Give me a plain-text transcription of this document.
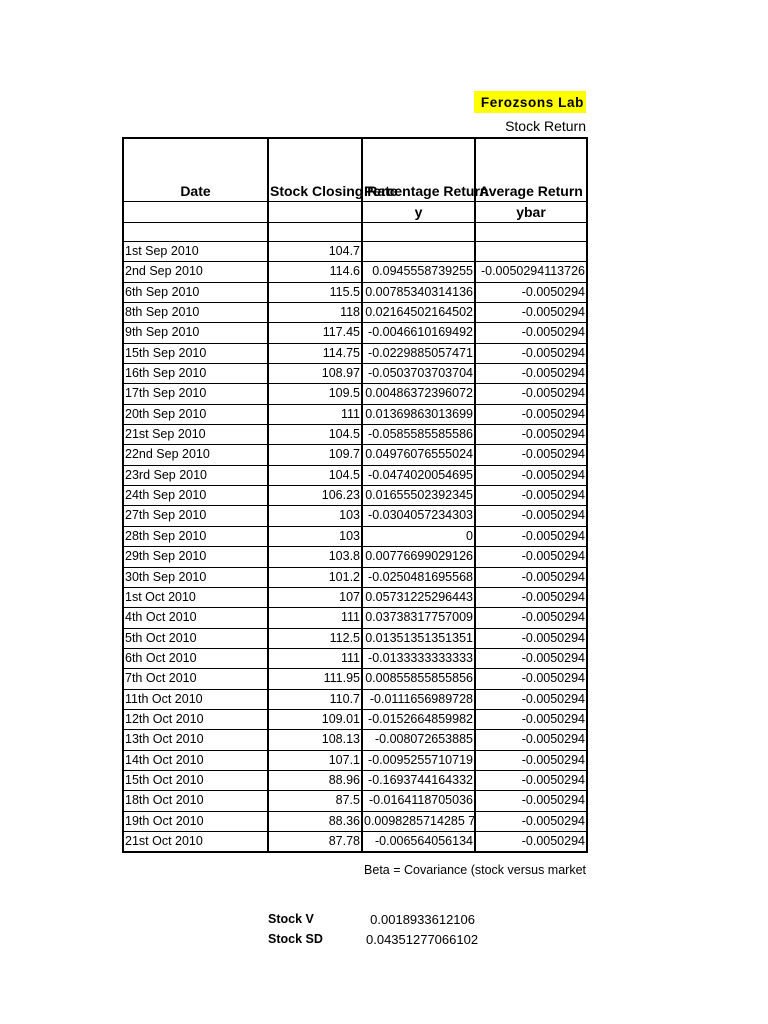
Ferozsons Lab
Stock Return
Date	Stock Closing Rate	Percentage Return	Average Return
		y	ybar

1st Sep 2010	104.7		
2nd Sep 2010	114.6	0.0945558739255	-0.0050294113726
6th Sep 2010	115.5	0.00785340314136	-0.0050294
8th Sep 2010	118	0.02164502164502	-0.0050294
9th Sep 2010	117.45	-0.0046610169492	-0.0050294
15th Sep 2010	114.75	-0.0229885057471	-0.0050294
16th Sep 2010	108.97	-0.0503703703704	-0.0050294
17th Sep 2010	109.5	0.00486372396072	-0.0050294
20th Sep 2010	111	0.01369863013699	-0.0050294
21st Sep 2010	104.5	-0.0585585585586	-0.0050294
22nd Sep 2010	109.7	0.04976076555024	-0.0050294
23rd Sep 2010	104.5	-0.0474020054695	-0.0050294
24th Sep 2010	106.23	0.01655502392345	-0.0050294
27th Sep 2010	103	-0.0304057234303	-0.0050294
28th Sep 2010	103	0	-0.0050294
29th Sep 2010	103.8	0.00776699029126	-0.0050294
30th Sep 2010	101.2	-0.0250481695568	-0.0050294
1st Oct 2010	107	0.05731225296443	-0.0050294
4th Oct 2010	111	0.03738317757009	-0.0050294
5th Oct 2010	112.5	0.01351351351351	-0.0050294
6th Oct 2010	111	-0.0133333333333	-0.0050294
7th Oct 2010	111.95	0.00855855855856	-0.0050294
11th Oct 2010	110.7	-0.0111656989728	-0.0050294
12th Oct 2010	109.01	-0.0152664859982	-0.0050294
13th Oct 2010	108.13	-0.008072653885	-0.0050294
14th Oct 2010	107.1	-0.0095255710719	-0.0050294
15th Oct 2010	88.96	-0.1693744164332	-0.0050294
18th Oct 2010	87.5	-0.0164118705036	-0.0050294
19th Oct 2010	88.36	0.0098285714285 7	-0.0050294
21st Oct 2010	87.78	-0.006564056134	-0.0050294
Beta = Covariance (stock versus market
Stock V	0.0018933612106
Stock SD	0.04351277066102
